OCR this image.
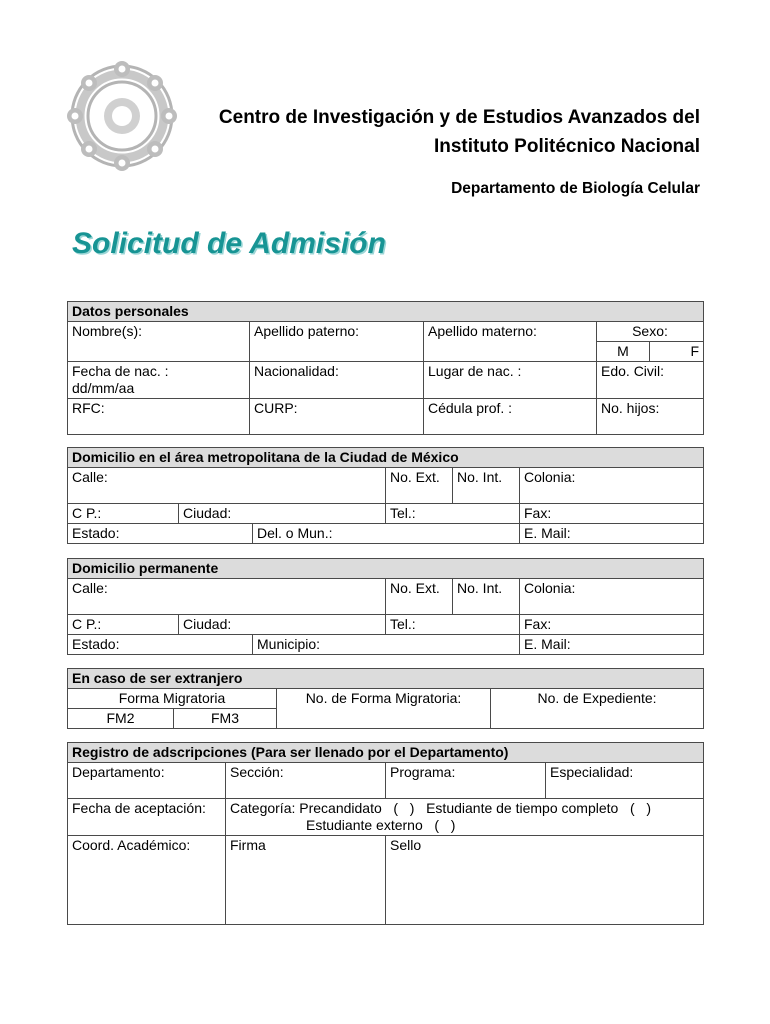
Centro de Investigación y de Estudios Avanzados del
Instituto Politécnico Nacional
Departamento de Biología Celular
Solicitud de Admisión
Datos personales				
Nombre(s):	Apellido paterno:	Apellido materno:	Sexo:	
			M	F

Fecha de nac. :
dd/mm/aa	Nacionalidad:	Lugar de nac. :	Edo. Civil:	
RFC:	CURP:	Cédula prof. :	No. hijos:	
Domicilio en el área metropolitana de la Ciudad de México					
Calle:			No. Ext.	No. Int.	Colonia:
C P.:	Ciudad:		Tel.:		Fax:
Estado:		Del. o Mun.:			E. Mail:
Domicilio permanente					
Calle:			No. Ext.	No. Int.	Colonia:
C P.:	Ciudad:		Tel.:		Fax:
Estado:		Municipio:			E. Mail:
En caso de ser extranjero			
Forma Migratoria		No. de Forma Migratoria:	No. de Expediente:
FM2	FM3		
Registro de adscripciones (Para ser llenado por el Departamento)			
Departamento:	Sección:	Programa:	Especialidad:
Fecha de aceptación:	Categoría: Precandidato   (   )   Estudiante de tiempo completo   (   )
Estudiante externo   (   )		

Coord. Académico:	Firma	Sello	
